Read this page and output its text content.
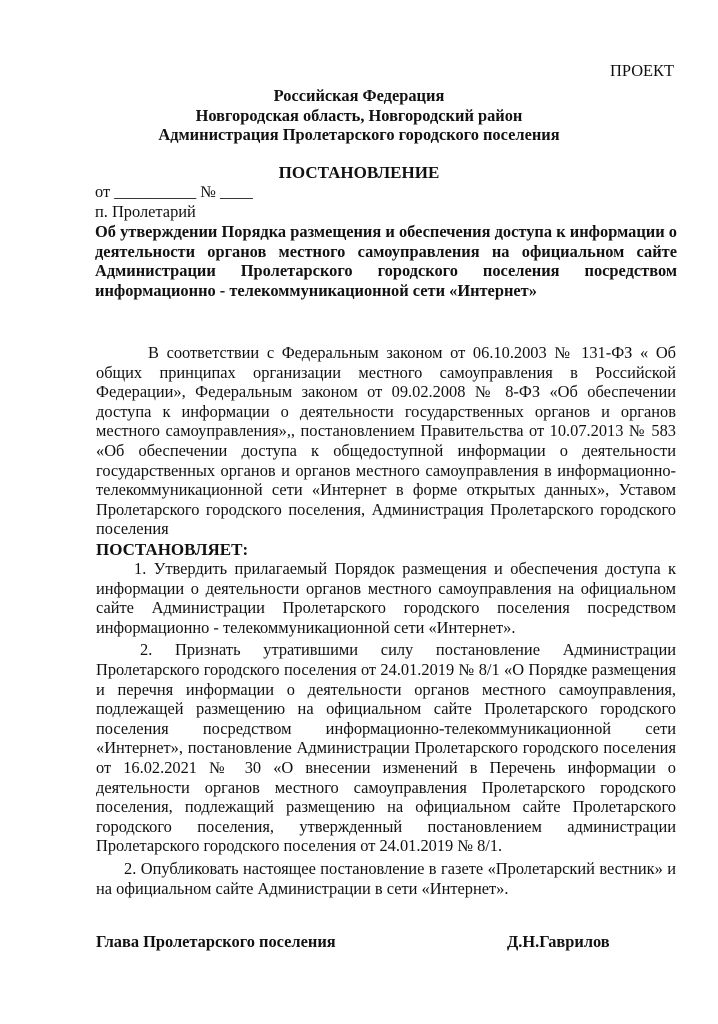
ПРОЕКТ
Российская Федерация
Новгородская область, Новгородский район
Администрация Пролетарского городского поселения
ПОСТАНОВЛЕНИЕ
от __________ № ____
п. Пролетарий
Об утверждении Порядка размещения и обеспечения доступа к информации о деятельности органов местного самоуправления на официальном сайте Администрации Пролетарского городского поселения посредством информационно - телекоммуникационной сети «Интернет»
В соответствии с Федеральным законом от 06.10.2003 № 131-ФЗ « Об общих принципах организации местного самоуправления в Российской Федерации», Федеральным законом от 09.02.2008 № 8-ФЗ «Об обеспечении доступа к информации о деятельности государственных органов и органов местного самоуправления»,, постановлением Правительства от 10.07.2013 № 583 «Об обеспечении доступа к общедоступной информации о деятельности государственных органов и органов местного самоуправления в информационно-телекоммуникационной сети «Интернет в форме открытых данных», Уставом Пролетарского городского поселения, Администрация Пролетарского городского поселения
ПОСТАНОВЛЯЕТ:

1. Утвердить прилагаемый Порядок размещения и обеспечения доступа к информации о деятельности органов местного самоуправления на официальном сайте Администрации Пролетарского городского поселения посредством информационно - телекоммуникационной сети «Интернет».

2. Признать утратившими силу постановление Администрации Пролетарского городского поселения от 24.01.2019 № 8/1 «О Порядке размещения и перечня информации о деятельности органов местного самоуправления, подлежащей размещению на официальном сайте Пролетарского городского поселения посредством информационно-телекоммуникационной сети «Интернет», постановление Администрации Пролетарского городского поселения от 16.02.2021 № 30 «О внесении изменений в Перечень информации о деятельности органов местного самоуправления Пролетарского городского поселения, подлежащий размещению на официальном сайте Пролетарского городского поселения, утвержденный постановлением администрации Пролетарского городского поселения от 24.01.2019 № 8/1.

2. Опубликовать настоящее постановление в газете «Пролетарский вестник» и на официальном сайте Администрации в сети «Интернет».

Глава Пролетарского поселения	Д.Н.Гаврилов
